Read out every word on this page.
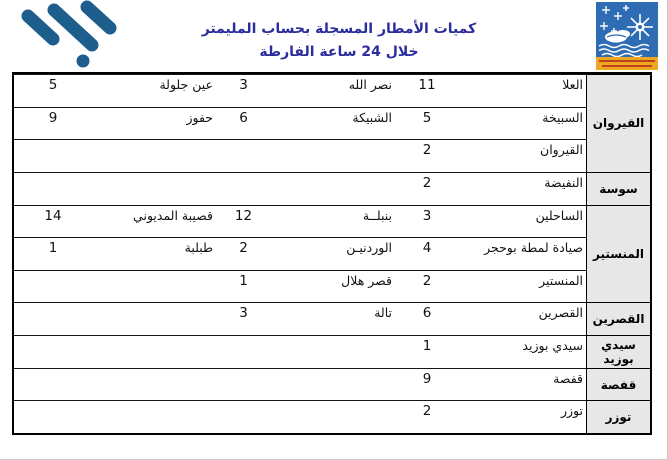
كميات الأمطار المسجلة بحساب المليمتر
خلال 24 ساعة الفارطة
القيروان
العلا
11
نصر الله
3
عين جلولة
5
السبيخة
5
الشبيكة
6
حفوز
9
القيروان
2
سوسة
النفيضة
2
المنستير
الساحلين
3
بنبلــة
12
قصيبة المديوني
14
صيادة لمطة بوحجر
4
الوردنيـن
2
طبلبة
1
المنستير
2
قصر هلال
1
القصرين
القصرين
6
تالة
3
سيدي بوزيد
سيدي بوزيد
1
قفصة
قفصة
9
توزر
توزر
2
